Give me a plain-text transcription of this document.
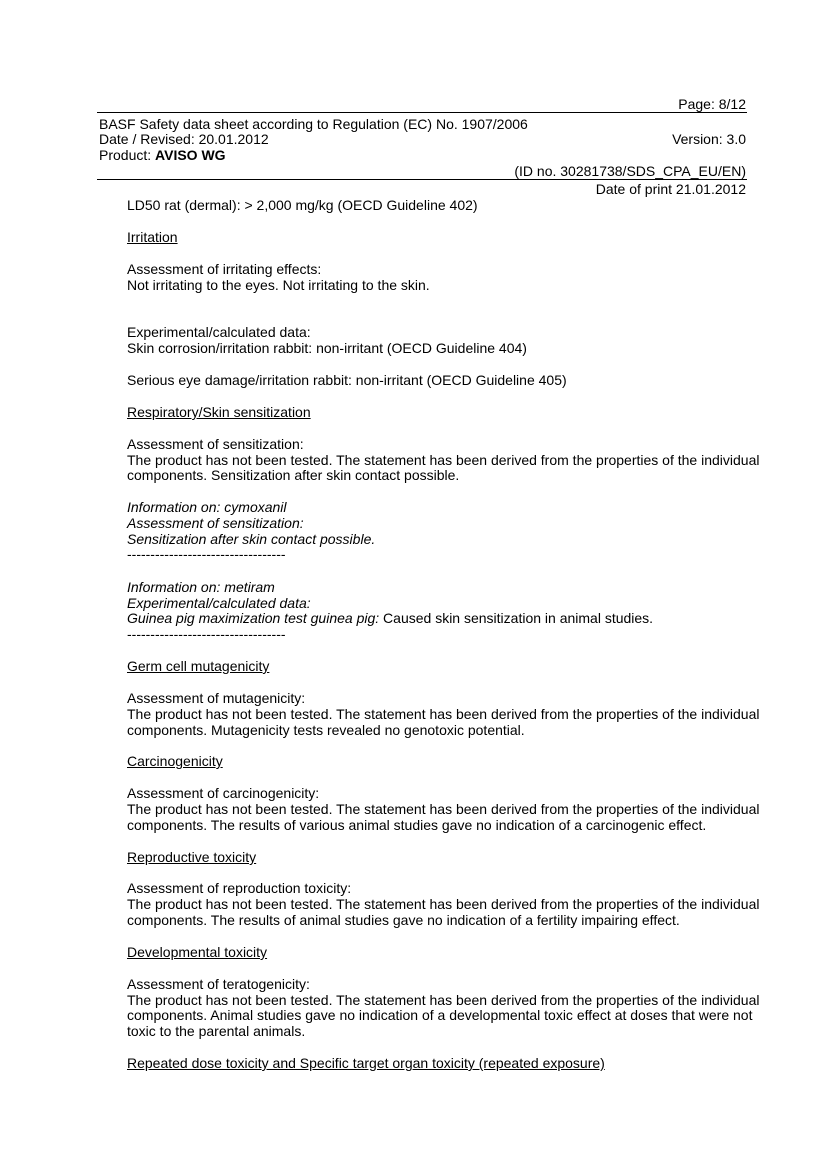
Page: 8/12
BASF Safety data sheet according to Regulation (EC) No. 1907/2006
Date / Revised: 20.01.2012	Version: 3.0
Product: AVISO WG
(ID no. 30281738/SDS_CPA_EU/EN)
Date of print 21.01.2012
LD50 rat (dermal): > 2,000 mg/kg (OECD Guideline 402)
Irritation
Assessment of irritating effects:
Not irritating to the eyes. Not irritating to the skin.
Experimental/calculated data:
Skin corrosion/irritation rabbit: non-irritant (OECD Guideline 404)
Serious eye damage/irritation rabbit: non-irritant (OECD Guideline 405)
Respiratory/Skin sensitization
Assessment of sensitization:
The product has not been tested. The statement has been derived from the properties of the individual
components. Sensitization after skin contact possible.
Information on: cymoxanil
Assessment of sensitization:
Sensitization after skin contact possible.
----------------------------------
Information on: metiram
Experimental/calculated data:
Guinea pig maximization test guinea pig: Caused skin sensitization in animal studies.
----------------------------------
Germ cell mutagenicity
Assessment of mutagenicity:
The product has not been tested. The statement has been derived from the properties of the individual
components. Mutagenicity tests revealed no genotoxic potential.
Carcinogenicity
Assessment of carcinogenicity:
The product has not been tested. The statement has been derived from the properties of the individual
components. The results of various animal studies gave no indication of a carcinogenic effect.
Reproductive toxicity
Assessment of reproduction toxicity:
The product has not been tested. The statement has been derived from the properties of the individual
components. The results of animal studies gave no indication of a fertility impairing effect.
Developmental toxicity
Assessment of teratogenicity:
The product has not been tested. The statement has been derived from the properties of the individual
components. Animal studies gave no indication of a developmental toxic effect at doses that were not
toxic to the parental animals.
Repeated dose toxicity and Specific target organ toxicity (repeated exposure)
